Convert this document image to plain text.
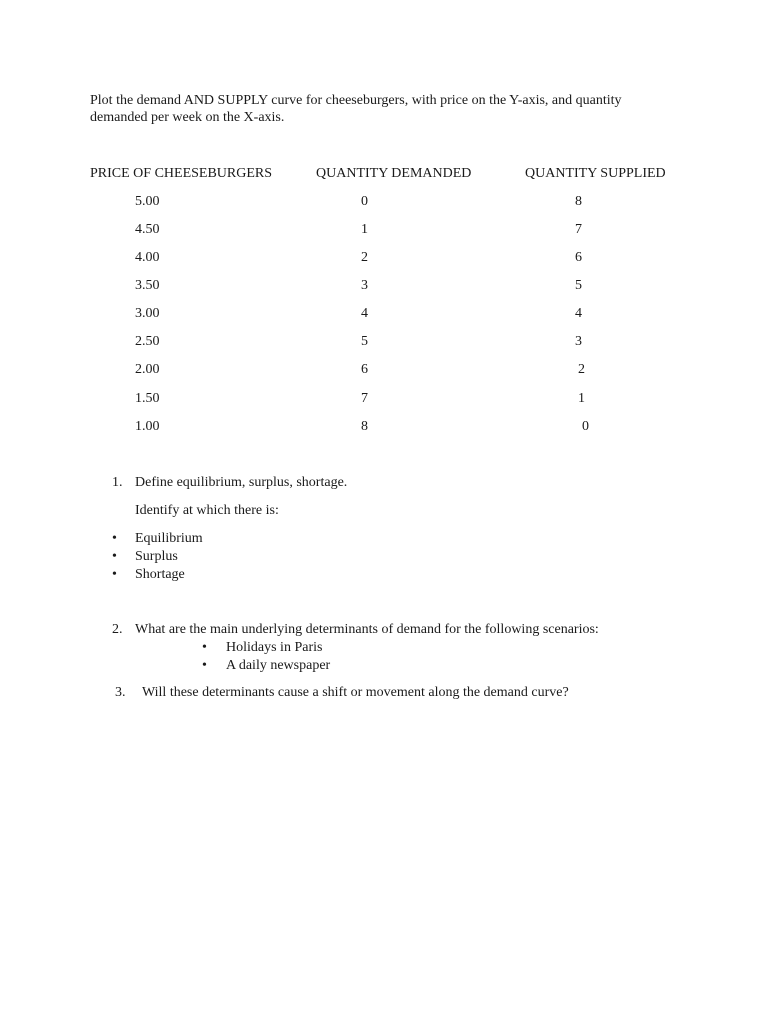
Plot the demand AND SUPPLY curve for cheeseburgers, with price on the Y-axis, and quantity demanded per week on the X-axis.
PRICE OF CHEESEBURGERS	QUANTITY DEMANDED	QUANTITY SUPPLIED
5.00	0	8
4.50	1	7
4.00	2	6
3.50	3	5
3.00	4	4
2.50	5	3
2.00	6	2
1.50	7	1
1.00	8	0
1. Define equilibrium, surplus, shortage.
Identify at which there is:
• Equilibrium
• Surplus
• Shortage
2. What are the main underlying determinants of demand for the following scenarios:
• Holidays in Paris
• A daily newspaper
3. Will these determinants cause a shift or movement along the demand curve?
